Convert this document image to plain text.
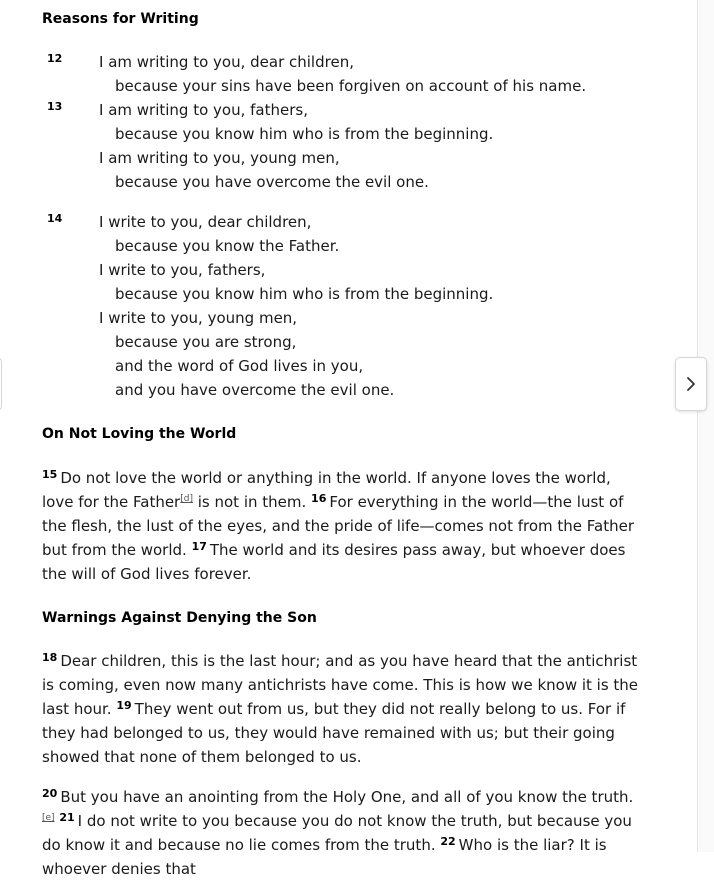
Reasons for Writing
12
13
14
I am writing to you, dear children,
because your sins have been forgiven on account of his name.
I am writing to you, fathers,
because you know him who is from the beginning.
I am writing to you, young men,
because you have overcome the evil one.
I write to you, dear children,
because you know the Father.
I write to you, fathers,
because you know him who is from the beginning.
I write to you, young men,
because you are strong,
and the word of God lives in you,
and you have overcome the evil one.
On Not Loving the World
$^{15}$ Do not love the world or anything in the world. If anyone loves the world, love for the Father[d] is not in them. $^{16}$ For everything in the world—the lust of the flesh, the lust of the eyes, and the pride of life—comes not from the Father but from the world. $^{17}$ The world and its desires pass away, but whoever does the will of God lives forever.
Warnings Against Denying the Son
$^{18}$ Dear children, this is the last hour; and as you have heard that the antichrist is coming, even now many antichrists have come. This is how we know it is the last hour. $^{19}$ They went out from us, but they did not really belong to us. For if they had belonged to us, they would have remained with us; but their going showed that none of them belonged to us.
$^{20}$ But you have an anointing from the Holy One, and all of you know the truth.[e] $^{21}$ I do not write to you because you do not know the truth, but because you do know it and because no lie comes from the truth. $^{22}$ Who is the liar? It is whoever denies that
